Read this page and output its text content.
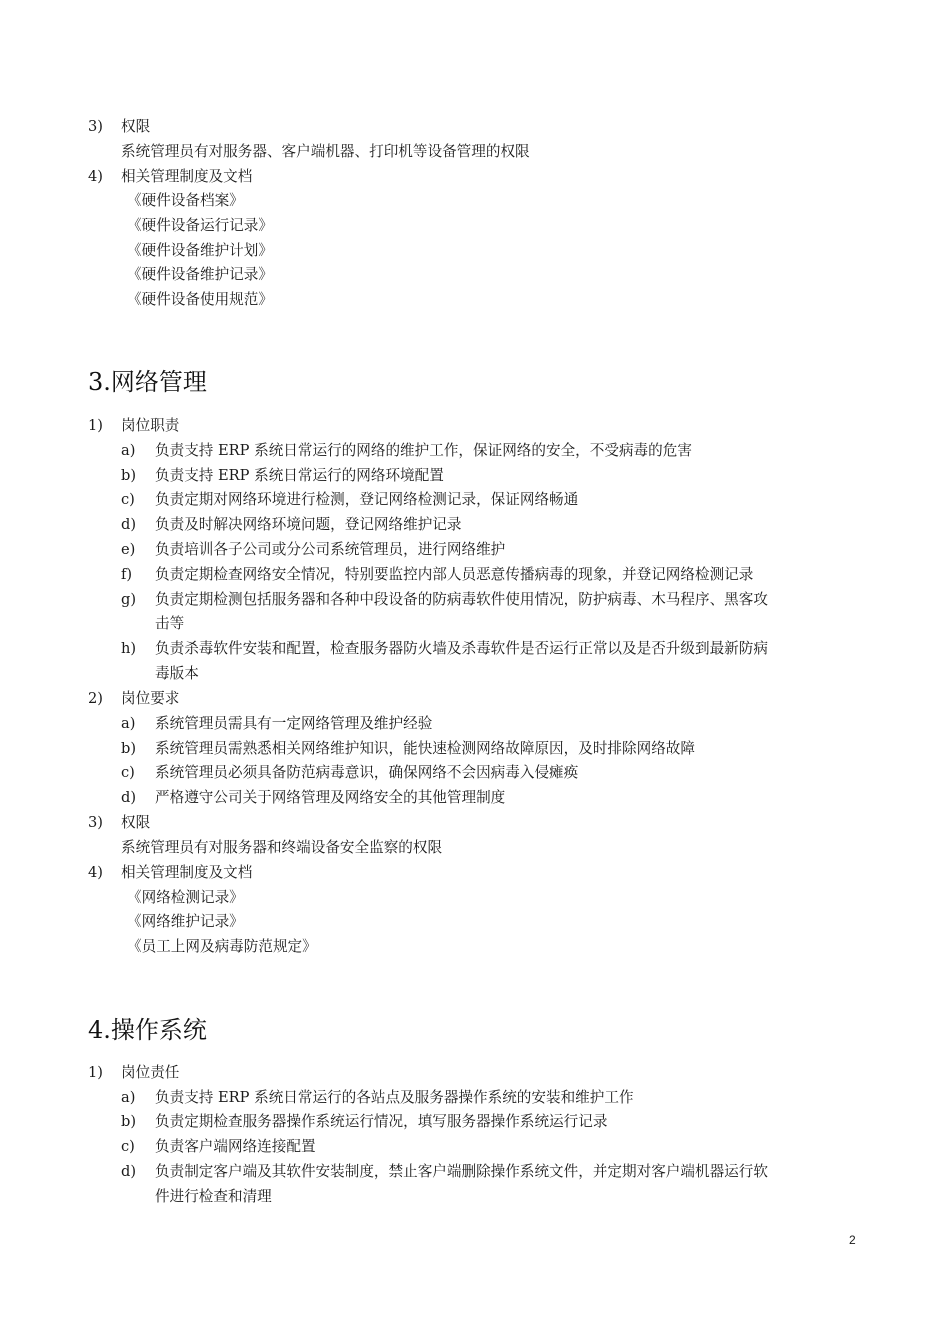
3) 权限
系统管理员有对服务器、客户端机器、打印机等设备管理的权限
4) 相关管理制度及文档
《硬件设备档案》
《硬件设备运行记录》
《硬件设备维护计划》
《硬件设备维护记录》
《硬件设备使用规范》
3.网络管理
1) 岗位职责
a) 负责支持 ERP 系统日常运行的网络的维护工作，保证网络的安全，不受病毒的危害
b) 负责支持 ERP 系统日常运行的网络环境配置
c) 负责定期对网络环境进行检测，登记网络检测记录，保证网络畅通
d) 负责及时解决网络环境问题，登记网络维护记录
e) 负责培训各子公司或分公司系统管理员，进行网络维护
f) 负责定期检查网络安全情况，特别要监控内部人员恶意传播病毒的现象，并登记网络检测记录
g) 负责定期检测包括服务器和各种中段设备的防病毒软件使用情况，防护病毒、木马程序、黑客攻
击等
h) 负责杀毒软件安装和配置，检查服务器防火墙及杀毒软件是否运行正常以及是否升级到最新防病
毒版本
2) 岗位要求
a) 系统管理员需具有一定网络管理及维护经验
b) 系统管理员需熟悉相关网络维护知识，能快速检测网络故障原因，及时排除网络故障
c) 系统管理员必须具备防范病毒意识，确保网络不会因病毒入侵瘫痪
d) 严格遵守公司关于网络管理及网络安全的其他管理制度
3) 权限
系统管理员有对服务器和终端设备安全监察的权限
4) 相关管理制度及文档
《网络检测记录》
《网络维护记录》
《员工上网及病毒防范规定》
4.操作系统
1) 岗位责任
a) 负责支持 ERP 系统日常运行的各站点及服务器操作系统的安装和维护工作
b) 负责定期检查服务器操作系统运行情况，填写服务器操作系统运行记录
c) 负责客户端网络连接配置
d) 负责制定客户端及其软件安装制度，禁止客户端删除操作系统文件，并定期对客户端机器运行软
件进行检查和清理
2
